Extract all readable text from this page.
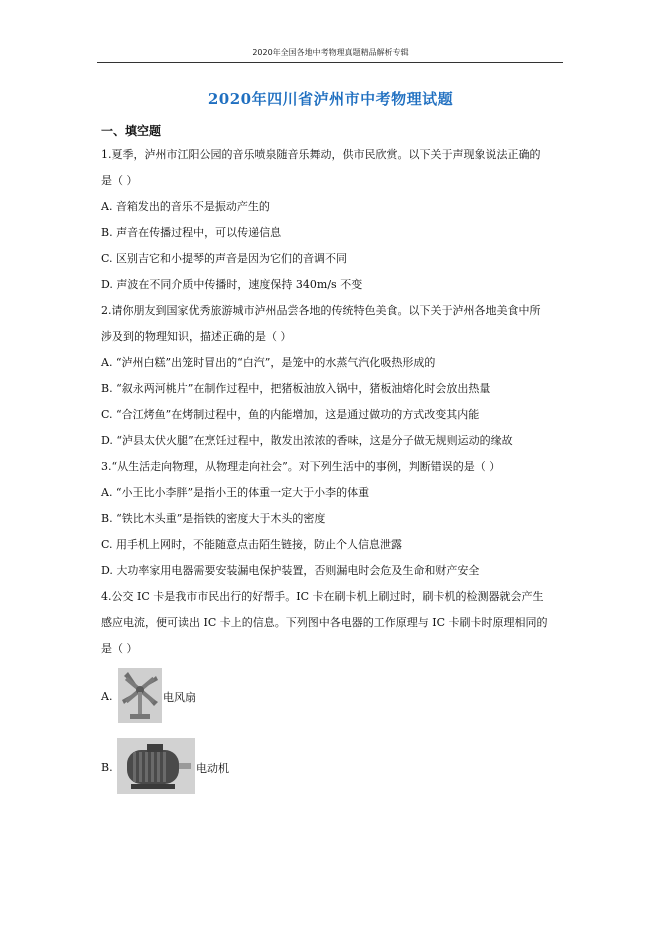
2020年全国各地中考物理真题精品解析专辑
2020年四川省泸州市中考物理试题
一、填空题
1.夏季，泸州市江阳公园的音乐喷泉随音乐舞动，供市民欣赏。以下关于声现象说法正确的
是（ ）
A. 音箱发出的音乐不是振动产生的
B. 声音在传播过程中，可以传递信息
C. 区别吉它和小提琴的声音是因为它们的音调不同
D. 声波在不同介质中传播时，速度保持 340m/s 不变
2.请你朋友到国家优秀旅游城市泸州品尝各地的传统特色美食。以下关于泸州各地美食中所
涉及到的物理知识，描述正确的是（ ）
A. “泸州白糕”出笼时冒出的“白汽”，是笼中的水蒸气汽化吸热形成的
B. “叙永两河桃片”在制作过程中，把猪板油放入锅中，猪板油熔化时会放出热量
C. “合江烤鱼”在烤制过程中，鱼的内能增加，这是通过做功的方式改变其内能
D. “泸县太伏火腿”在烹饪过程中，散发出浓浓的香味，这是分子做无规则运动的缘故
3.“从生活走向物理，从物理走向社会”。对下列生活中的事例，判断错误的是（ ）
A. “小王比小李胖”是指小王的体重一定大于小李的体重
B. “铁比木头重”是指铁的密度大于木头的密度
C. 用手机上网时，不能随意点击陌生链接，防止个人信息泄露
D. 大功率家用电器需要安装漏电保护装置，否则漏电时会危及生命和财产安全
4.公交 IC 卡是我市市民出行的好帮手。IC 卡在刷卡机上刷过时，刷卡机的检测器就会产生
感应电流，便可读出 IC 卡上的信息。下列图中各电器的工作原理与 IC 卡刷卡时原理相同的
是（ ）
A.	电风扇
B.	电动机
